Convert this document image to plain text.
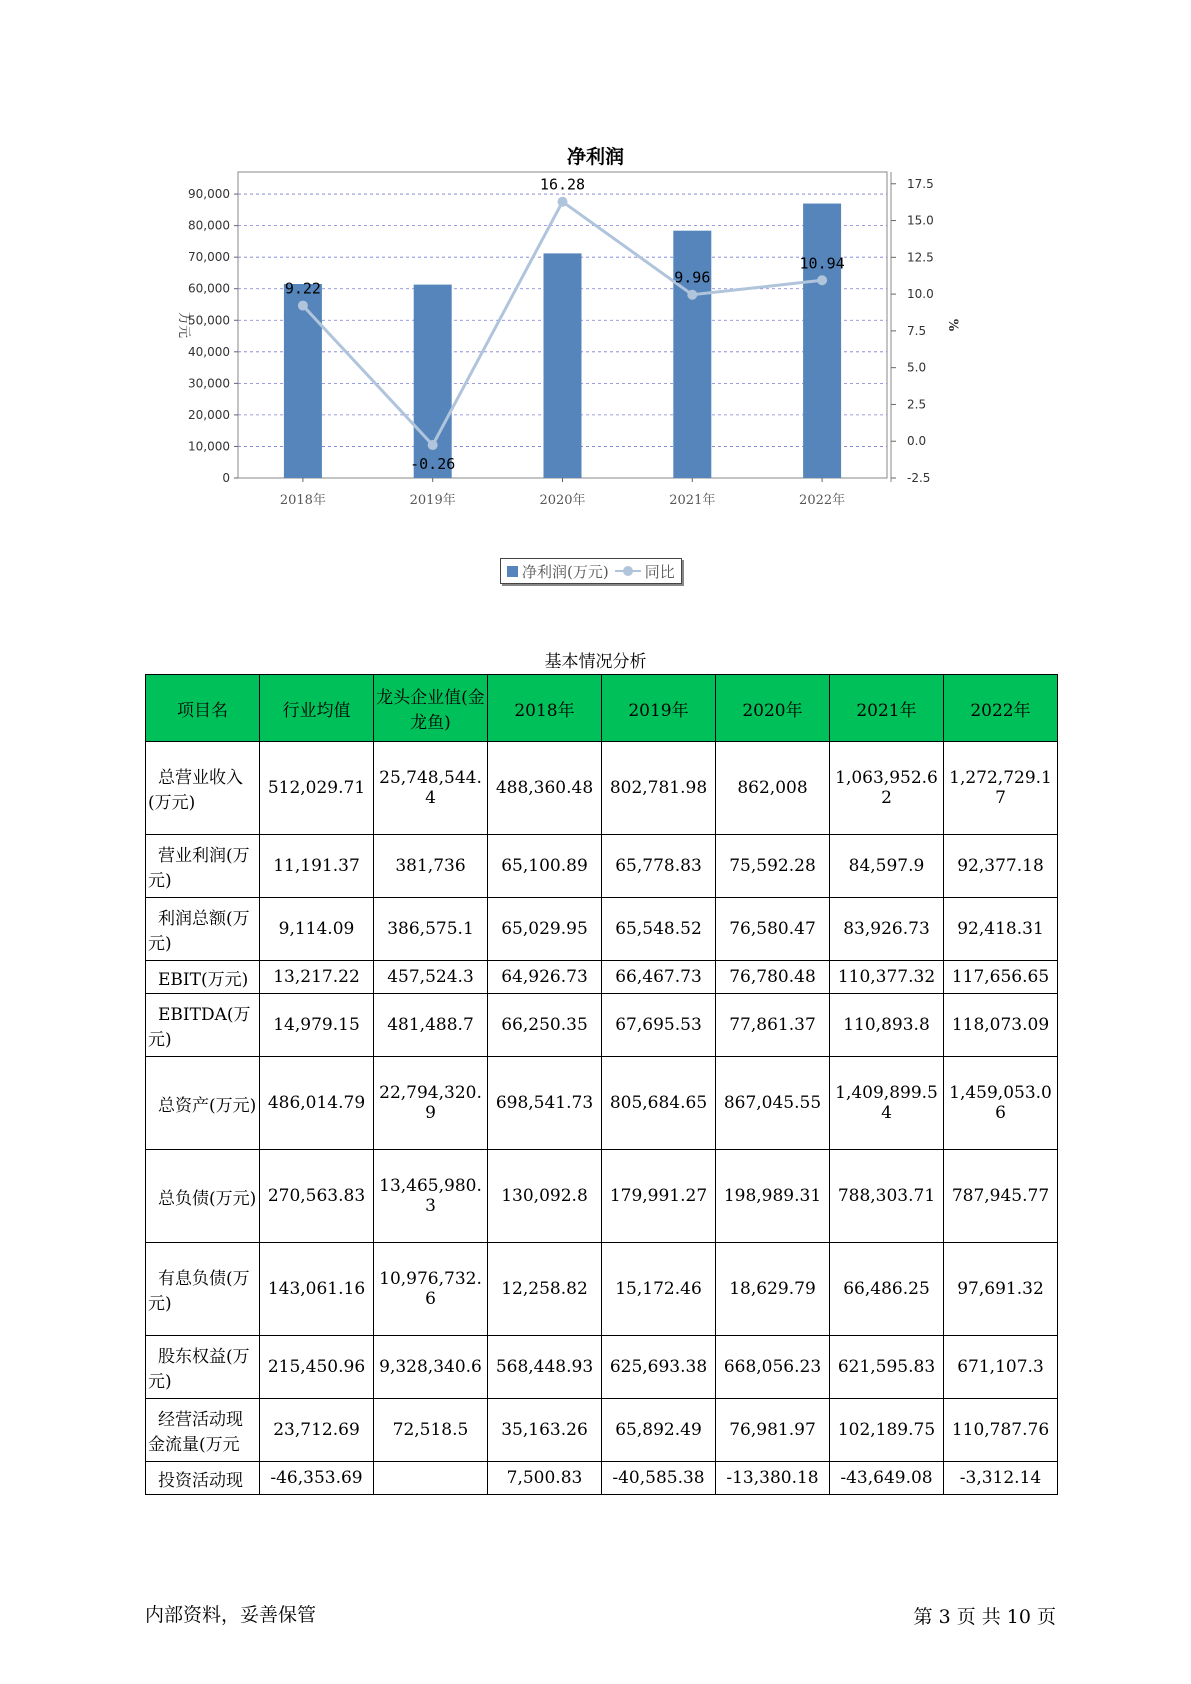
净利润
0
10,000
20,000
30,000
40,000
50,000
60,000
70,000
80,000
90,000
-2.5
0.0
2.5
5.0
7.5
10.0
12.5
15.0
17.5
万元	%
2018年	2019年	2020年	2021年	2022年
9.22
-0.26
16.28
9.96
10.94
净利润(万元) 同比
基本情况分析
项目名	行业均值	龙头企业值(金龙鱼)	2018年	2019年	2020年	2021年	2022年
总营业收入(万元)	512,029.71	25,748,544.4	488,360.48	802,781.98	862,008	1,063,952.62	1,272,729.17
营业利润(万元)	11,191.37	381,736	65,100.89	65,778.83	75,592.28	84,597.9	92,377.18
利润总额(万元)	9,114.09	386,575.1	65,029.95	65,548.52	76,580.47	83,926.73	92,418.31
EBIT(万元)	13,217.22	457,524.3	64,926.73	66,467.73	76,780.48	110,377.32	117,656.65
EBITDA(万元)	14,979.15	481,488.7	66,250.35	67,695.53	77,861.37	110,893.8	118,073.09
总资产(万元)	486,014.79	22,794,320.9	698,541.73	805,684.65	867,045.55	1,409,899.54	1,459,053.06
总负债(万元)	270,563.83	13,465,980.3	130,092.8	179,991.27	198,989.31	788,303.71	787,945.77
有息负债(万元)	143,061.16	10,976,732.6	12,258.82	15,172.46	18,629.79	66,486.25	97,691.32
股东权益(万元)	215,450.96	9,328,340.6	568,448.93	625,693.38	668,056.23	621,595.83	671,107.3
经营活动现金流量(万元	23,712.69	72,518.5	35,163.26	65,892.49	76,981.97	102,189.75	110,787.76
投资活动现	-46,353.69		7,500.83	-40,585.38	-13,380.18	-43,649.08	-3,312.14
内部资料，妥善保管	第 3 页 共 10 页
